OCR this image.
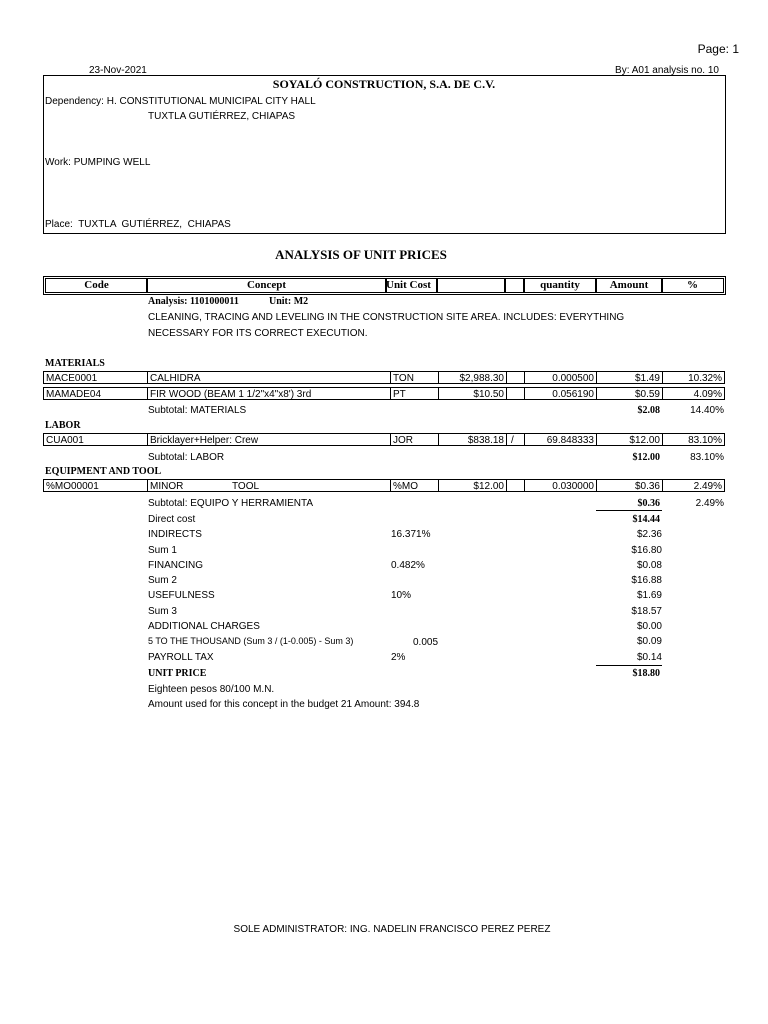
Page: 1
23-Nov-2021	By: A01 analysis no. 10
SOYALÓ CONSTRUCTION, S.A. DE C.V.
Dependency: H. CONSTITUTIONAL MUNICIPAL CITY HALL
TUXTLA GUTIÉRREZ, CHIAPAS
Work: PUMPING WELL
Place: TUXTLA  GUTIÉRREZ,  CHIAPAS
ANALYSIS OF UNIT PRICES
Code	Concept	Unit Cost	quantity	Amount	%
Analysis: 1101000011	Unit: M2
CLEANING, TRACING AND LEVELING IN THE CONSTRUCTION SITE AREA. INCLUDES: EVERYTHING
NECESSARY FOR ITS CORRECT EXECUTION.
MATERIALS
MACE0001	CALHIDRA	TON	$2,988.30	0.000500	$1.49	10.32%
MAMADE04	FIR WOOD (BEAM 1 1/2"x4"x8') 3rd	PT	$10.50	0.056190	$0.59	4.09%
Subtotal: MATERIALS	$2.08	14.40%
LABOR
CUA001	Bricklayer+Helper: Crew	JOR	$838.18 /	69.848333	$12.00	83.10%
Subtotal: LABOR	$12.00	83.10%
EQUIPMENT AND TOOL
%MO00001	MINOR	TOOL	%MO	$12.00	0.030000	$0.36	2.49%
Subtotal: EQUIPO Y HERRAMIENTA	$0.36	2.49%
Direct cost	$14.44
INDIRECTS	16.371%	$2.36
Sum 1	$16.80
FINANCING	0.482%	$0.08
Sum 2	$16.88
USEFULNESS	10%	$1.69
Sum 3	$18.57
ADDITIONAL CHARGES	$0.00
5 TO THE THOUSAND (Sum 3 / (1-0.005) - Sum 3)	0.005	$0.09
PAYROLL TAX	2%	$0.14
UNIT PRICE	$18.80
Eighteen pesos 80/100 M.N.
Amount used for this concept in the budget 21 Amount: 394.8
SOLE ADMINISTRATOR: ING. NADELIN FRANCISCO PEREZ PEREZ
